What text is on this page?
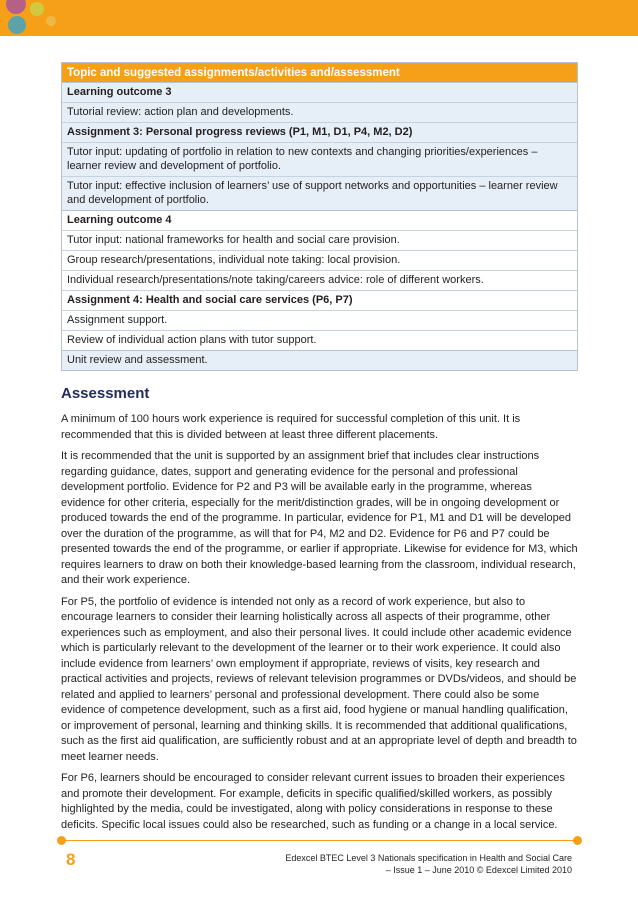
Topic and suggested assignments/activities and/assessment
Learning outcome 3
Tutorial review: action plan and developments.
Assignment 3: Personal progress reviews (P1, M1, D1, P4, M2, D2)
Tutor input: updating of portfolio in relation to new contexts and changing priorities/experiences – learner review and development of portfolio.
Tutor input: effective inclusion of learners’ use of support networks and opportunities – learner review and development of portfolio.
Learning outcome 4
Tutor input: national frameworks for health and social care provision.
Group research/presentations, individual note taking: local provision.
Individual research/presentations/note taking/careers advice: role of different workers.
Assignment 4: Health and social care services (P6, P7)
Assignment support.
Review of individual action plans with tutor support.
Unit review and assessment.
Assessment

A minimum of 100 hours work experience is required for successful completion of this unit. It is recommended that this is divided between at least three different placements.

It is recommended that the unit is supported by an assignment brief that includes clear instructions regarding guidance, dates, support and generating evidence for the personal and professional development portfolio. Evidence for P2 and P3 will be available early in the programme, whereas evidence for other criteria, especially for the merit/distinction grades, will be in ongoing development or produced towards the end of the programme. In particular, evidence for P1, M1 and D1 will be developed over the duration of the programme, as will that for P4, M2 and D2. Evidence for P6 and P7 could be presented towards the end of the programme, or earlier if appropriate. Likewise for evidence for M3, which requires learners to draw on both their knowledge-based learning from the classroom, individual research, and their work experience.

For P5, the portfolio of evidence is intended not only as a record of work experience, but also to encourage learners to consider their learning holistically across all aspects of their programme, other experiences such as employment, and also their personal lives. It could include other academic evidence which is particularly relevant to the development of the learner or to their work experience. It could also include evidence from learners’ own employment if appropriate, reviews of visits, key research and practical activities and projects, reviews of relevant television programmes or DVDs/videos, and should be related and applied to learners’ personal and professional development. There could also be some evidence of competence development, such as a first aid, food hygiene or manual handling qualification, or improvement of personal, learning and thinking skills. It is recommended that additional qualifications, such as the first aid qualification, are sufficiently robust and at an appropriate level of depth and breadth to meet learner needs.

For P6, learners should be encouraged to consider relevant current issues to broaden their experiences and promote their development. For example, deficits in specific qualified/skilled workers, as possibly highlighted by the media, could be investigated, along with policy considerations in response to these deficits. Specific local issues could also be researched, such as funding or a change in a local service.

8	Edexcel BTEC Level 3 Nationals specification in Health and Social Care
– Issue 1 – June 2010 © Edexcel Limited 2010
